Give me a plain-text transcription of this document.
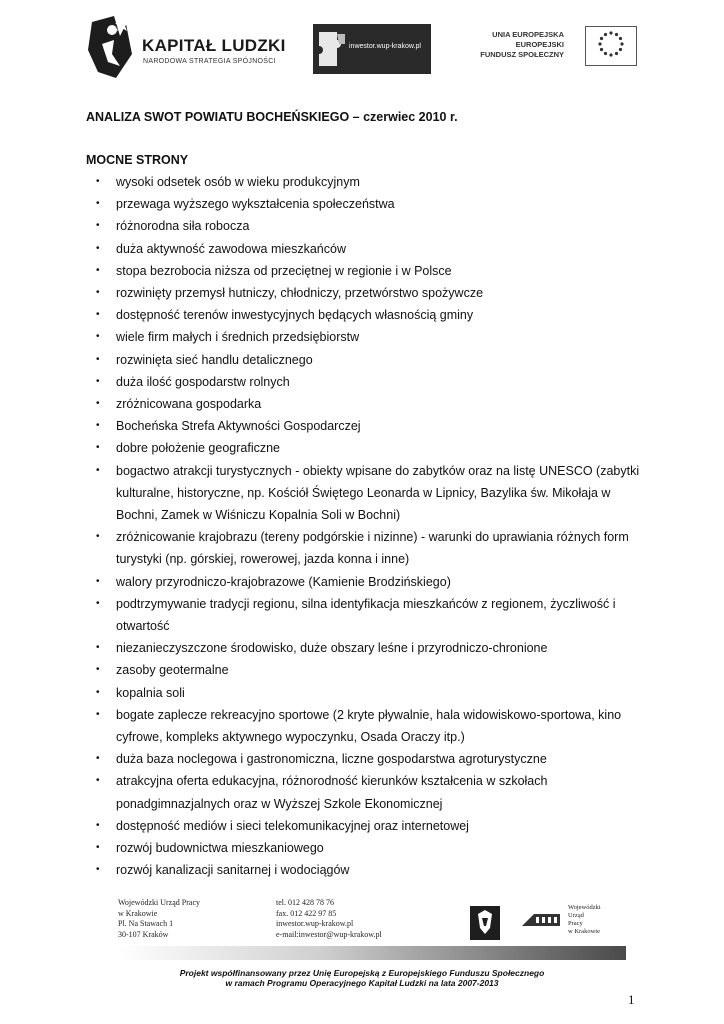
KAPITAŁ LUDZKI
NARODOWA STRATEGIA SPÓJNOŚCI
inwestor.wup-krakow.pl
UNIA EUROPEJSKA
EUROPEJSKI
FUNDUSZ SPOŁECZNY
ANALIZA SWOT POWIATU BOCHEŃSKIEGO – czerwiec 2010 r.
MOCNE STRONY
• wysoki odsetek osób w wieku produkcyjnym
• przewaga wyższego wykształcenia społeczeństwa
• różnorodna siła robocza
• duża aktywność zawodowa mieszkańców
• stopa bezrobocia niższa od przeciętnej w regionie i w Polsce
• rozwinięty przemysł hutniczy, chłodniczy, przetwórstwo spożywcze
• dostępność terenów inwestycyjnych będących własnością gminy
• wiele firm małych i średnich przedsiębiorstw
• rozwinięta sieć handlu detalicznego
• duża ilość gospodarstw rolnych
• zróżnicowana gospodarka
• Bocheńska Strefa Aktywności Gospodarczej
• dobre położenie geograficzne
• bogactwo atrakcji turystycznych - obiekty wpisane do zabytków oraz na listę UNESCO (zabytki
kulturalne, historyczne, np. Kościół Świętego Leonarda w Lipnicy, Bazylika św. Mikołaja w
Bochni, Zamek w Wiśniczu Kopalnia Soli w Bochni)
• zróżnicowanie krajobrazu (tereny podgórskie i nizinne) - warunki do uprawiania różnych form
turystyki (np. górskiej, rowerowej, jazda konna i inne)
• walory przyrodniczo-krajobrazowe (Kamienie Brodzińskiego)
• podtrzymywanie tradycji regionu, silna identyfikacja mieszkańców z regionem, życzliwość i
otwartość
• niezanieczyszczone środowisko, duże obszary leśne i przyrodniczo-chronione
• zasoby geotermalne
• kopalnia soli
• bogate zaplecze rekreacyjno sportowe (2 kryte pływalnie, hala widowiskowo-sportowa, kino
cyfrowe, kompleks aktywnego wypoczynku, Osada Oraczy itp.)
• duża baza noclegowa i gastronomiczna, liczne gospodarstwa agroturystyczne
• atrakcyjna oferta edukacyjna, różnorodność kierunków kształcenia w szkołach
ponadgimnazjalnych oraz w Wyższej Szkole Ekonomicznej
• dostępność mediów i sieci telekomunikacyjnej oraz internetowej
• rozwój budownictwa mieszkaniowego
• rozwój kanalizacji sanitarnej i wodociągów
Wojewódzki Urząd Pracy
w Krakowie
Pl. Na Stawach 1
30-107 Kraków
tel. 012 428 78 76
fax. 012 422 97 85
inwestor.wup-krakow.pl
e-mail:inwestor@wup-krakow.pl
Wojewódzki
Urząd
Pracy
w Krakowie
Projekt współfinansowany przez Unię Europejską z Europejskiego Funduszu Społecznego
w ramach Programu Operacyjnego Kapitał Ludzki na lata 2007-2013
1
